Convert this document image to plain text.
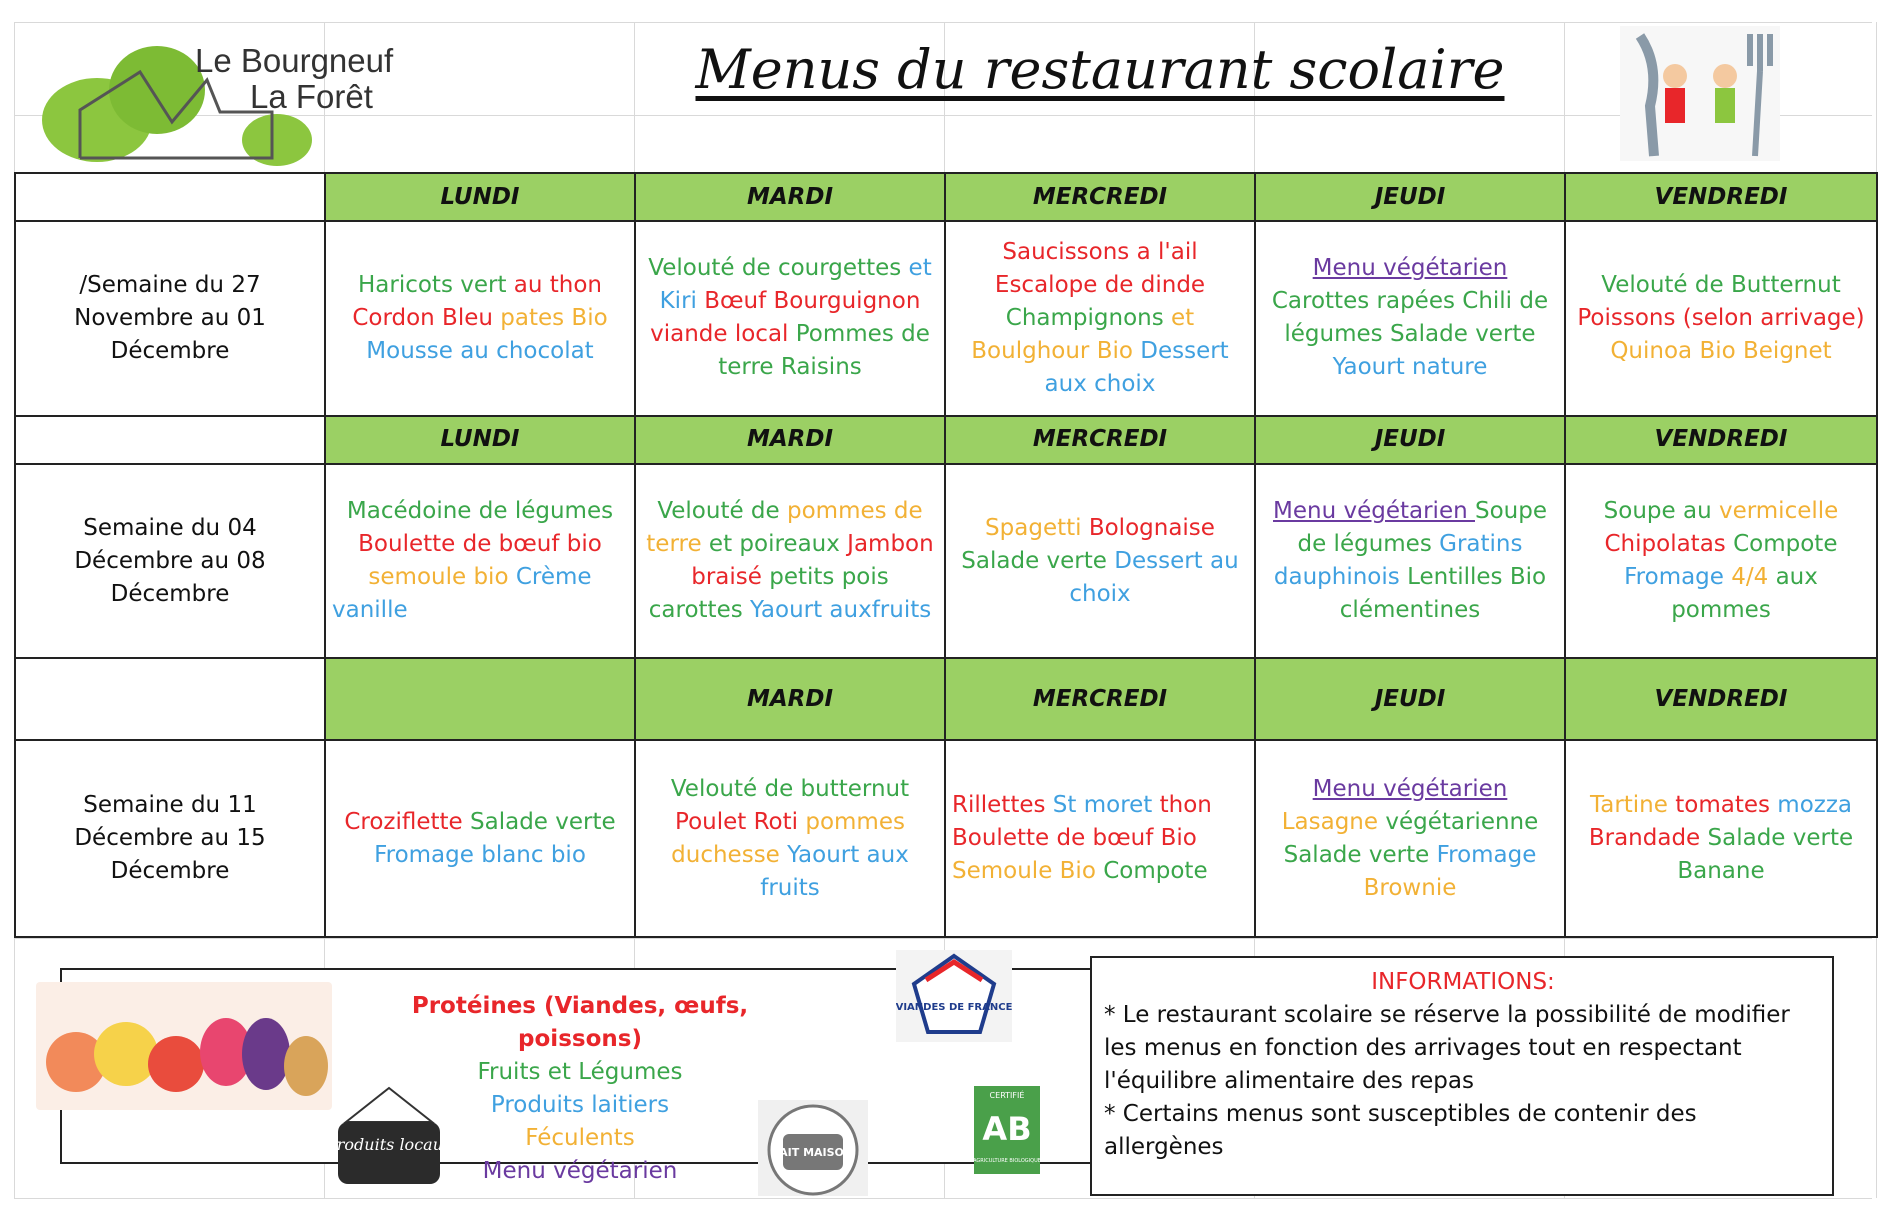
Le Bourgneuf
La Forêt	Menus du restaurant scolaire
	LUNDI	MARDI	MERCREDI	JEUDI	VENDREDI
/Semaine du 27 Novembre au 01 Décembre	Haricots vert au thon Cordon Bleu pates Bio Mousse au chocolat	Velouté de courgettes et Kiri Bœuf Bourguignon viande local Pommes de terre Raisins	Saucissons a l'ail Escalope de dinde Champignons et Boulghour Bio Dessert aux choix	Menu végétarien Carottes rapées Chili de légumes Salade verte Yaourt nature	Velouté de Butternut Poissons (selon arrivage) Quinoa Bio Beignet
	LUNDI	MARDI	MERCREDI	JEUDI	VENDREDI
Semaine du 04 Décembre au 08 Décembre	Macédoine de légumes Boulette de bœuf bio semoule bio Crème vanille	Velouté de pommes de terre et poireaux Jambon braisé petits pois carottes Yaourt auxfruits	Spagetti Bolognaise Salade verte Dessert au choix	Menu végétarien Soupe de légumes Gratins dauphinois Lentilles Bio clémentines	Soupe au vermicelle Chipolatas Compote Fromage 4/4 aux pommes
		MARDI	MERCREDI	JEUDI	VENDREDI
Semaine du 11 Décembre au 15 Décembre	Croziflette Salade verte Fromage blanc bio	Velouté de butternut Poulet Roti pommes duchesse Yaourt aux fruits	Rillettes St moret thon Boulette de bœuf Bio Semoule Bio Compote	Menu végétarien Lasagne végétarienne Salade verte Fromage Brownie	Tartine tomates mozza Brandade Salade verte Banane
Produits locaux
Protéines (Viandes, œufs, poissons)
Fruits et Légumes
Produits laitiers
Féculents
Menu végétarien
VIANDES DE FRANCE
FAIT MAISON
CERTIFIÉ
AB
AGRICULTURE BIOLOGIQUE
INFORMATIONS:
* Le restaurant scolaire se réserve la possibilité de modifier les menus en fonction des arrivages tout en respectant l'équilibre alimentaire des repas
* Certains menus sont susceptibles de contenir des allergènes
